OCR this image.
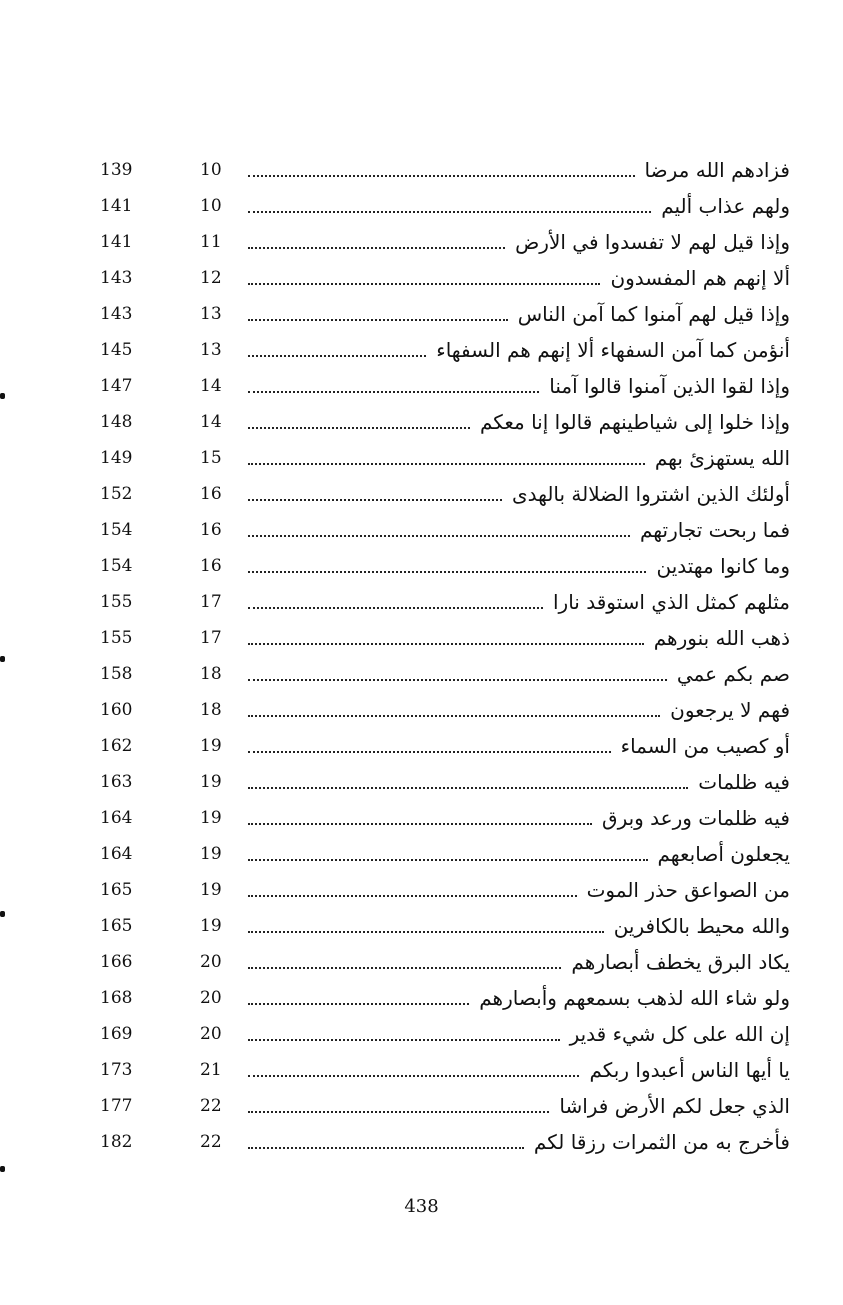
139	10	فزادهم الله مرضا
141	10	ولهم عذاب أليم
141	11	وإذا قيل لهم لا تفسدوا في الأرض
143	12	ألا إنهم هم المفسدون
143	13	وإذا قيل لهم آمنوا كما آمن الناس
145	13	أنؤمن كما آمن السفهاء ألا إنهم هم السفهاء
147	14	وإذا لقوا الذين آمنوا قالوا آمنا
148	14	وإذا خلوا إلى شياطينهم قالوا إنا معكم
149	15	الله يستهزئ بهم
152	16	أولئك الذين اشتروا الضلالة بالهدى
154	16	فما ربحت تجارتهم
154	16	وما كانوا مهتدين
155	17	مثلهم كمثل الذي استوقد نارا
155	17	ذهب الله بنورهم
158	18	صم بكم عمي
160	18	فهم لا يرجعون
162	19	أو كصيب من السماء
163	19	فيه ظلمات
164	19	فيه ظلمات ورعد وبرق
164	19	يجعلون أصابعهم
165	19	من الصواعق حذر الموت
165	19	والله محيط بالكافرين
166	20	يكاد البرق يخطف أبصارهم
168	20	ولو شاء الله لذهب بسمعهم وأبصارهم
169	20	إن الله على كل شيء قدير
173	21	يا أيها الناس أعبدوا ربكم
177	22	الذي جعل لكم الأرض فراشا
182	22	فأخرج به من الثمرات رزقا لكم
438
